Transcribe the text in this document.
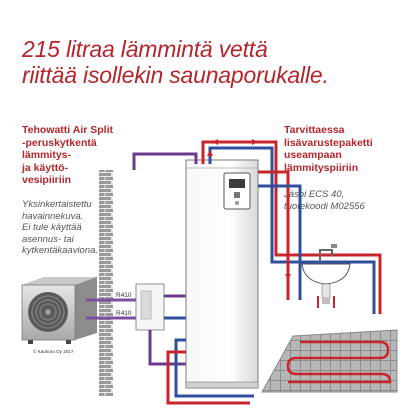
215 litraa lämmintä vettä
riittää isollekin saunaporukalle.
Tehowatti Air Split
-peruskytkentä
lämmitys-
ja käyttö-
vesipiiriin
Yksinkertaistettu
havainnekuva.
Ei tule käyttää
asennus- tai
kytkentäkaaviona.
Tarvittaessa
lisävarustepaketti
useampaan
lämmityspiiriin
Jäspi ECS 40,
tuotekoodi M02556
R410
R410
© Kaukora Oy 2017
